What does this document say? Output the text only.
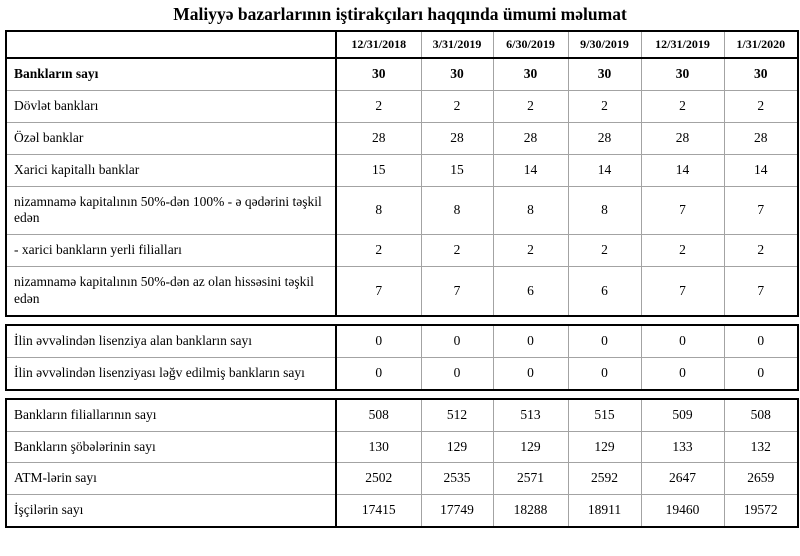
Maliyyə bazarlarının iştirakçıları haqqında ümumi məlumat
	12/31/2018	3/31/2019	6/30/2019	9/30/2019	12/31/2019	1/31/2020
Bankların sayı	30	30	30	30	30	30
Dövlət bankları	2	2	2	2	2	2
Özəl banklar	28	28	28	28	28	28
Xarici kapitallı banklar	15	15	14	14	14	14
nizamnamə kapitalının 50%-dən 100% - ə qədərini təşkil edən	8	8	8	8	7	7
- xarici bankların yerli filialları	2	2	2	2	2	2
nizamnamə kapitalının 50%-dən az olan hissəsini təşkil edən	7	7	6	6	7	7
İlin əvvəlindən lisenziya alan bankların sayı	0	0	0	0	0	0
İlin əvvəlindən lisenziyası ləğv edilmiş bankların sayı	0	0	0	0	0	0
Bankların filiallarının sayı	508	512	513	515	509	508
Bankların şöbələrinin sayı	130	129	129	129	133	132
ATM-lərin sayı	2502	2535	2571	2592	2647	2659
İşçilərin sayı	17415	17749	18288	18911	19460	19572
